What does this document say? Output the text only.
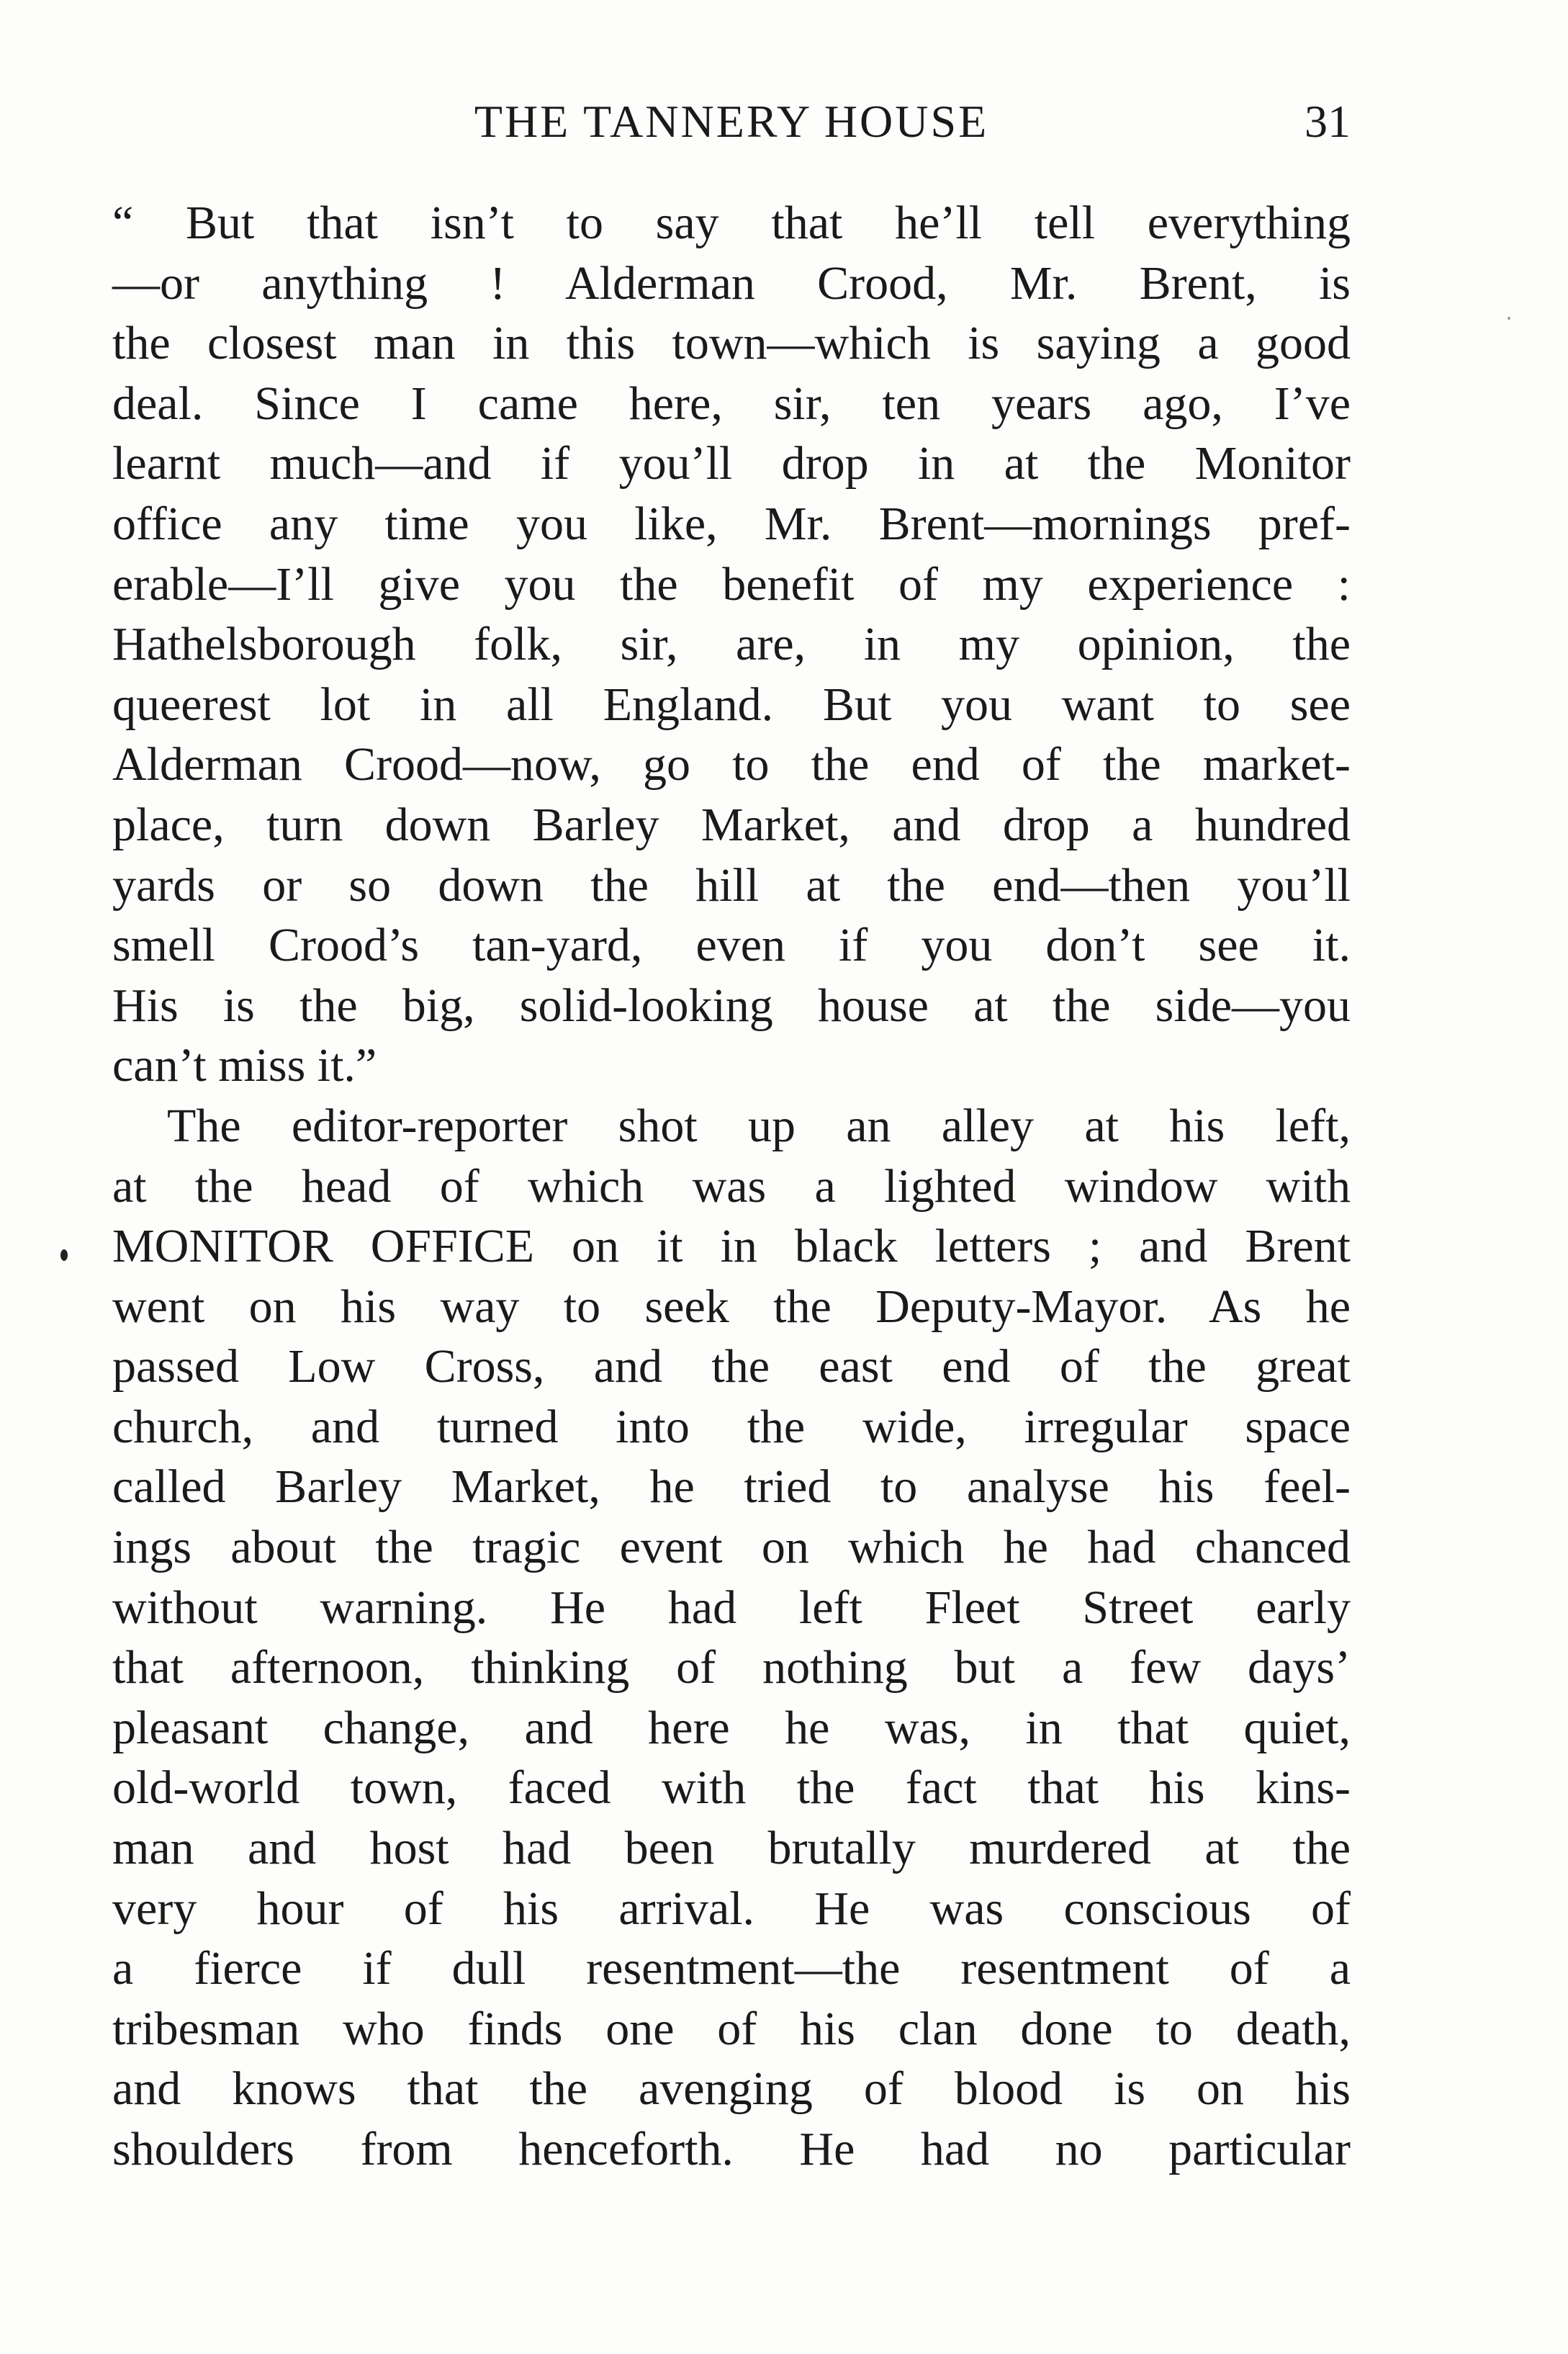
THE TANNERY HOUSE	31
“ But that isn’t to say that he’ll tell everything
—or anything ! Alderman Crood, Mr. Brent, is
the closest man in this town—which is saying a good
deal. Since I came here, sir, ten years ago, I’ve
learnt much—and if you’ll drop in at the Monitor
office any time you like, Mr. Brent—mornings pref-
erable—I’ll give you the benefit of my experience :
Hathelsborough folk, sir, are, in my opinion, the
queerest lot in all England. But you want to see
Alderman Crood—now, go to the end of the market-
place, turn down Barley Market, and drop a hundred
yards or so down the hill at the end—then you’ll
smell Crood’s tan-yard, even if you don’t see it.
His is the big, solid-looking house at the side—you
can’t miss it.”
The editor-reporter shot up an alley at his left,
at the head of which was a lighted window with
MONITOR OFFICE on it in black letters ; and Brent
went on his way to seek the Deputy-Mayor. As he
passed Low Cross, and the east end of the great
church, and turned into the wide, irregular space
called Barley Market, he tried to analyse his feel-
ings about the tragic event on which he had chanced
without warning. He had left Fleet Street early
that afternoon, thinking of nothing but a few days’
pleasant change, and here he was, in that quiet,
old-world town, faced with the fact that his kins-
man and host had been brutally murdered at the
very hour of his arrival. He was conscious of
a fierce if dull resentment—the resentment of a
tribesman who finds one of his clan done to death,
and knows that the avenging of blood is on his
shoulders from henceforth. He had no particular
